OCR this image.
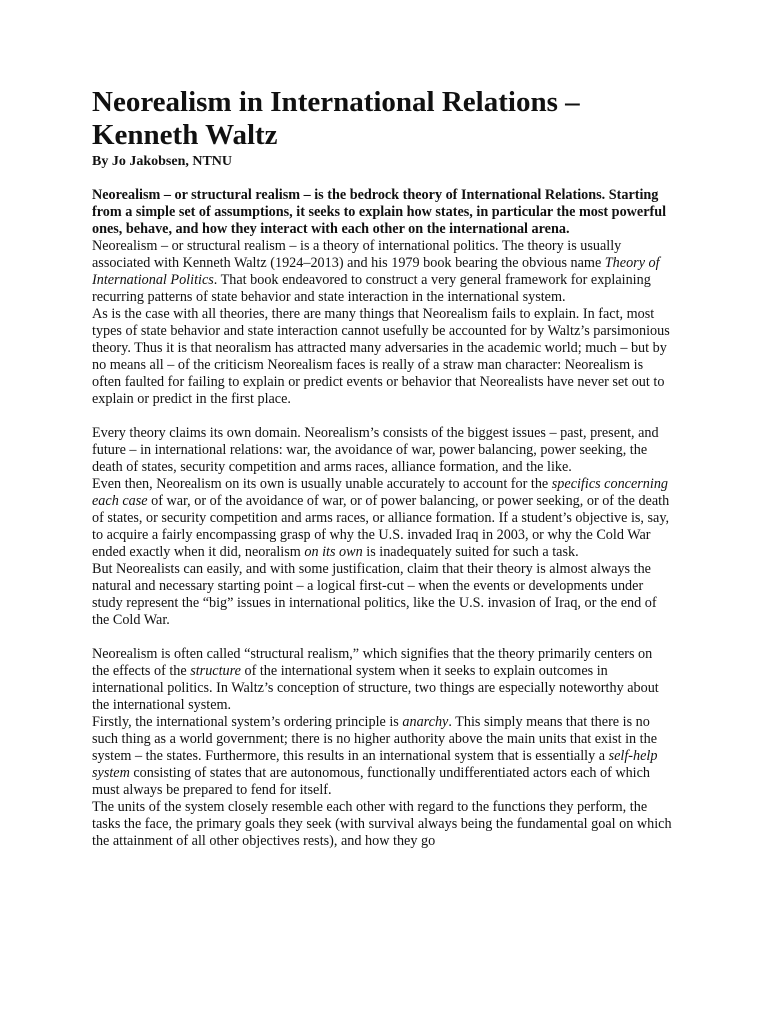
Neorealism in International Relations –
Kenneth Waltz

By Jo Jakobsen, NTNU

Neorealism – or structural realism – is the bedrock theory of International Relations. Starting from a simple set of assumptions, it seeks to explain how states, in particular the most powerful ones, behave, and how they interact with each other on the international arena.

Neorealism – or structural realism – is a theory of international politics. The theory is usually associated with Kenneth Waltz (1924–2013) and his 1979 book bearing the obvious name Theory of International Politics. That book endeavored to construct a very general framework for explaining recurring patterns of state behavior and state interaction in the international system.

As is the case with all theories, there are many things that Neorealism fails to explain. In fact, most types of state behavior and state interaction cannot usefully be accounted for by Waltz’s parsimonious theory. Thus it is that neoralism has attracted many adversaries in the academic world; much – but by no means all – of the criticism Neorealism faces is really of a straw man character: Neorealism is often faulted for failing to explain or predict events or behavior that Neorealists have never set out to explain or predict in the first place.

Every theory claims its own domain. Neorealism’s consists of the biggest issues – past, present, and future – in international relations: war, the avoidance of war, power balancing, power seeking, the death of states, security competition and arms races, alliance formation, and the like.

Even then, Neorealism on its own is usually unable accurately to account for the specifics concerning each case of war, or of the avoidance of war, or of power balancing, or power seeking, or of the death of states, or security competition and arms races, or alliance formation. If a student’s objective is, say, to acquire a fairly encompassing grasp of why the U.S. invaded Iraq in 2003, or why the Cold War ended exactly when it did, neoralism on its own is inadequately suited for such a task.

But Neorealists can easily, and with some justification, claim that their theory is almost always the natural and necessary starting point – a logical first-cut – when the events or developments under study represent the “big” issues in international politics, like the U.S. invasion of Iraq, or the end of the Cold War.

Neorealism is often called “structural realism,” which signifies that the theory primarily centers on the effects of the structure of the international system when it seeks to explain outcomes in international politics. In Waltz’s conception of structure, two things are especially noteworthy about the international system.

Firstly, the international system’s ordering principle is anarchy. This simply means that there is no such thing as a world government; there is no higher authority above the main units that exist in the system – the states. Furthermore, this results in an international system that is essentially a self-help system consisting of states that are autonomous, functionally undifferentiated actors each of which must always be prepared to fend for itself.

The units of the system closely resemble each other with regard to the functions they perform, the tasks the face, the primary goals they seek (with survival always being the fundamental goal on which the attainment of all other objectives rests), and how they go
